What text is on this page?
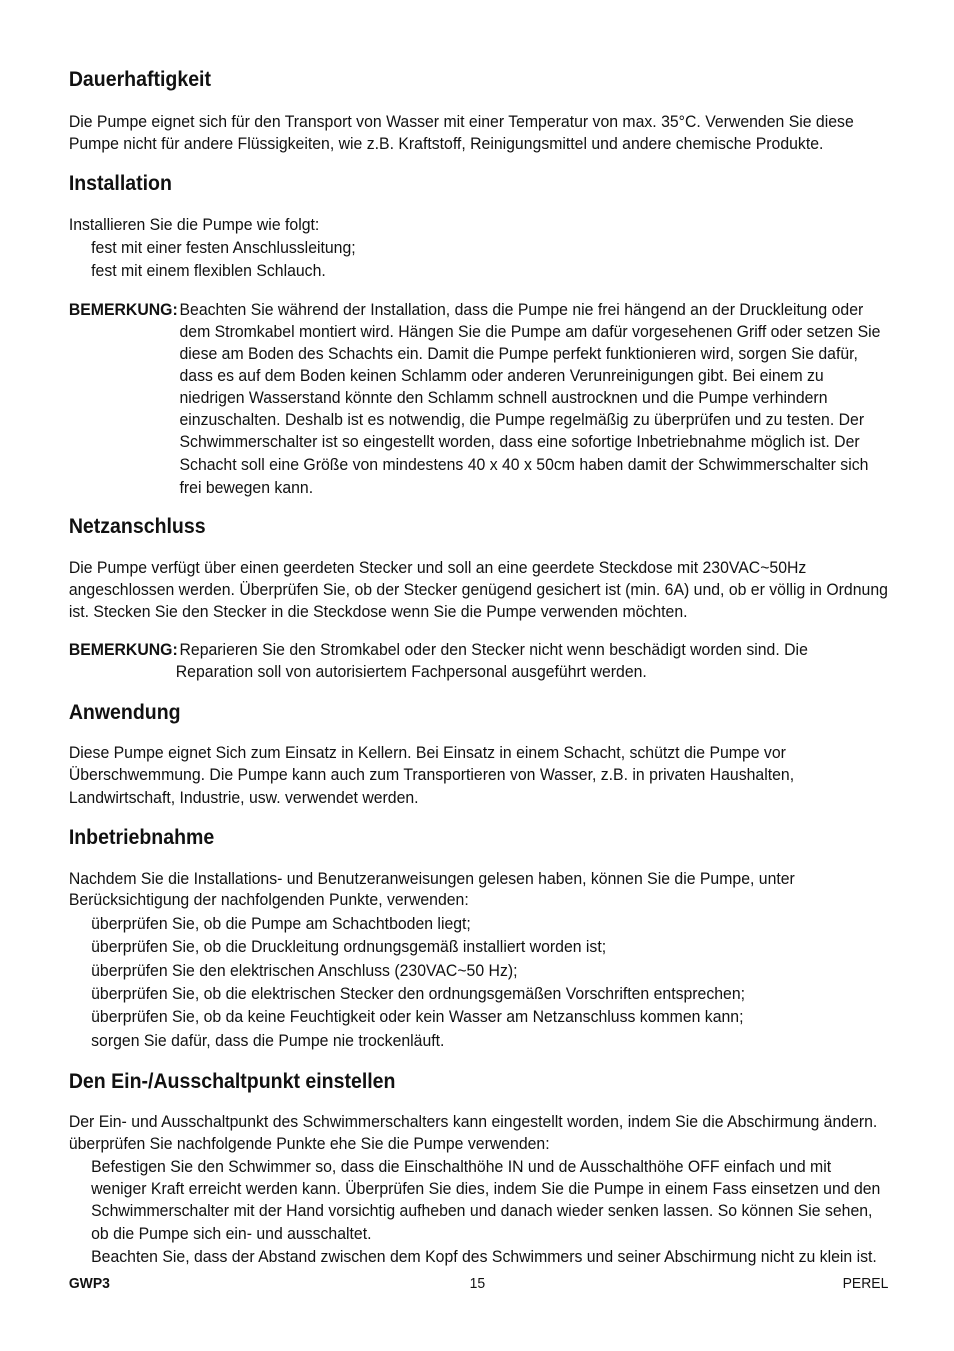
Dauerhaftigkeit

Die Pumpe eignet sich für den Transport von Wasser mit einer Temperatur von max. 35°C. Verwenden Sie diese

Pumpe nicht für andere Flüssigkeiten, wie z.B. Kraftstoff, Reinigungsmittel und andere chemische Produkte.

Installation

Installieren Sie die Pumpe wie folgt:

fest mit einer festen Anschlussleitung;

fest mit einem flexiblen Schlauch.

BEMERKUNG: Beachten Sie während der Installation, dass die Pumpe nie frei hängend an der Druckleitung oder

dem Stromkabel montiert wird. Hängen Sie die Pumpe am dafür vorgesehenen Griff oder setzen Sie

diese am Boden des Schachts ein. Damit die Pumpe perfekt funktionieren wird, sorgen Sie dafür,

dass es auf dem Boden keinen Schlamm oder anderen Verunreinigungen gibt. Bei einem zu

niedrigen Wasserstand könnte den Schlamm schnell austrocknen und die Pumpe verhindern

einzuschalten. Deshalb ist es notwendig, die Pumpe regelmäßig zu überprüfen und zu testen. Der

Schwimmerschalter ist so eingestellt worden, dass eine sofortige Inbetriebnahme möglich ist. Der

Schacht soll eine Größe von mindestens 40 x 40 x 50cm haben damit der Schwimmerschalter sich

frei bewegen kann.

Netzanschluss

Die Pumpe verfügt über einen geerdeten Stecker und soll an eine geerdete Steckdose mit 230VAC~50Hz

angeschlossen werden. Überprüfen Sie, ob der Stecker genügend gesichert ist (min. 6A) und, ob er völlig in Ordnung

ist. Stecken Sie den Stecker in die Steckdose wenn Sie die Pumpe verwenden möchten.

BEMERKUNG: Reparieren Sie den Stromkabel oder den Stecker nicht wenn beschädigt worden sind. Die

Reparation soll von autorisiertem Fachpersonal ausgeführt werden.

Anwendung

Diese Pumpe eignet Sich zum Einsatz in Kellern. Bei Einsatz in einem Schacht, schützt die Pumpe vor

Überschwemmung. Die Pumpe kann auch zum Transportieren von Wasser, z.B. in privaten Haushalten,

Landwirtschaft, Industrie, usw. verwendet werden.

Inbetriebnahme

Nachdem Sie die Installations- und Benutzeranweisungen gelesen haben, können Sie die Pumpe, unter

Berücksichtigung der nachfolgenden Punkte, verwenden:

überprüfen Sie, ob die Pumpe am Schachtboden liegt;

überprüfen Sie, ob die Druckleitung ordnungsgemäß installiert worden ist;

überprüfen Sie den elektrischen Anschluss (230VAC~50 Hz);

überprüfen Sie, ob die elektrischen Stecker den ordnungsgemäßen Vorschriften entsprechen;

überprüfen Sie, ob da keine Feuchtigkeit oder kein Wasser am Netzanschluss kommen kann;

sorgen Sie dafür, dass die Pumpe nie trockenläuft.

Den Ein-/Ausschaltpunkt einstellen

Der Ein- und Ausschaltpunkt des Schwimmerschalters kann eingestellt worden, indem Sie die Abschirmung ändern.

überprüfen Sie nachfolgende Punkte ehe Sie die Pumpe verwenden:

Befestigen Sie den Schwimmer so, dass die Einschalthöhe IN und de Ausschalthöhe OFF einfach und mit

weniger Kraft erreicht werden kann. Überprüfen Sie dies, indem Sie die Pumpe in einem Fass einsetzen und den

Schwimmerschalter mit der Hand vorsichtig aufheben und danach wieder senken lassen. So können Sie sehen,

ob die Pumpe sich ein- und ausschaltet.

Beachten Sie, dass der Abstand zwischen dem Kopf des Schwimmers und seiner Abschirmung nicht zu klein ist.

GWP3	15	PEREL
